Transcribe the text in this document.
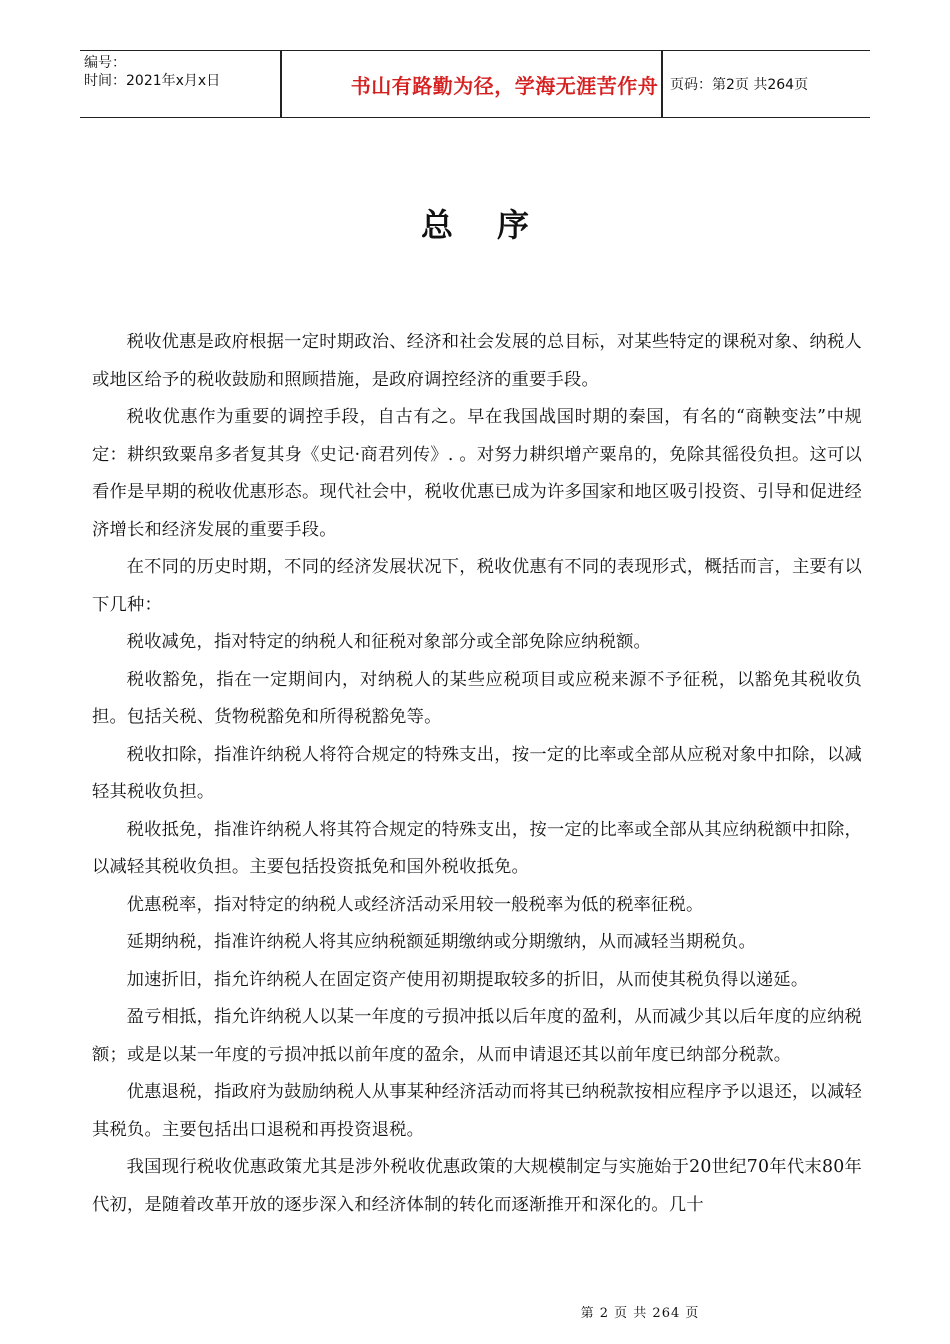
编号：
时间：2021年x月x日	书山有路勤为径，学海无涯苦作舟 页码：第2页 共264页
总序

税收优惠是政府根据一定时期政治、经济和社会发展的总目标，对某些特定的课税对象、纳税人或地区给予的税收鼓励和照顾措施，是政府调控经济的重要手段。

税收优惠作为重要的调控手段，自古有之。早在我国战国时期的秦国，有名的“商鞅变法”中规定：耕织致粟帛多者复其身《史记·商君列传》. 。对努力耕织增产粟帛的，免除其徭役负担。这可以看作是早期的税收优惠形态。现代社会中，税收优惠已成为许多国家和地区吸引投资、引导和促进经济增长和经济发展的重要手段。

在不同的历史时期，不同的经济发展状况下，税收优惠有不同的表现形式，概括而言，主要有以下几种：

税收减免，指对特定的纳税人和征税对象部分或全部免除应纳税额。

税收豁免，指在一定期间内，对纳税人的某些应税项目或应税来源不予征税，以豁免其税收负担。包括关税、货物税豁免和所得税豁免等。

税收扣除，指准许纳税人将符合规定的特殊支出，按一定的比率或全部从应税对象中扣除，以减轻其税收负担。

税收抵免，指准许纳税人将其符合规定的特殊支出，按一定的比率或全部从其应纳税额中扣除，以减轻其税收负担。主要包括投资抵免和国外税收抵免。

优惠税率，指对特定的纳税人或经济活动采用较一般税率为低的税率征税。

延期纳税，指准许纳税人将其应纳税额延期缴纳或分期缴纳，从而减轻当期税负。

加速折旧，指允许纳税人在固定资产使用初期提取较多的折旧，从而使其税负得以递延。

盈亏相抵，指允许纳税人以某一年度的亏损冲抵以后年度的盈利，从而减少其以后年度的应纳税额；或是以某一年度的亏损冲抵以前年度的盈余，从而申请退还其以前年度已纳部分税款。

优惠退税，指政府为鼓励纳税人从事某种经济活动而将其已纳税款按相应程序予以退还，以减轻其税负。主要包括出口退税和再投资退税。

我国现行税收优惠政策尤其是涉外税收优惠政策的大规模制定与实施始于20世纪70年代末80年代初，是随着改革开放的逐步深入和经济体制的转化而逐渐推开和深化的。几十

第 2 页 共 264 页
